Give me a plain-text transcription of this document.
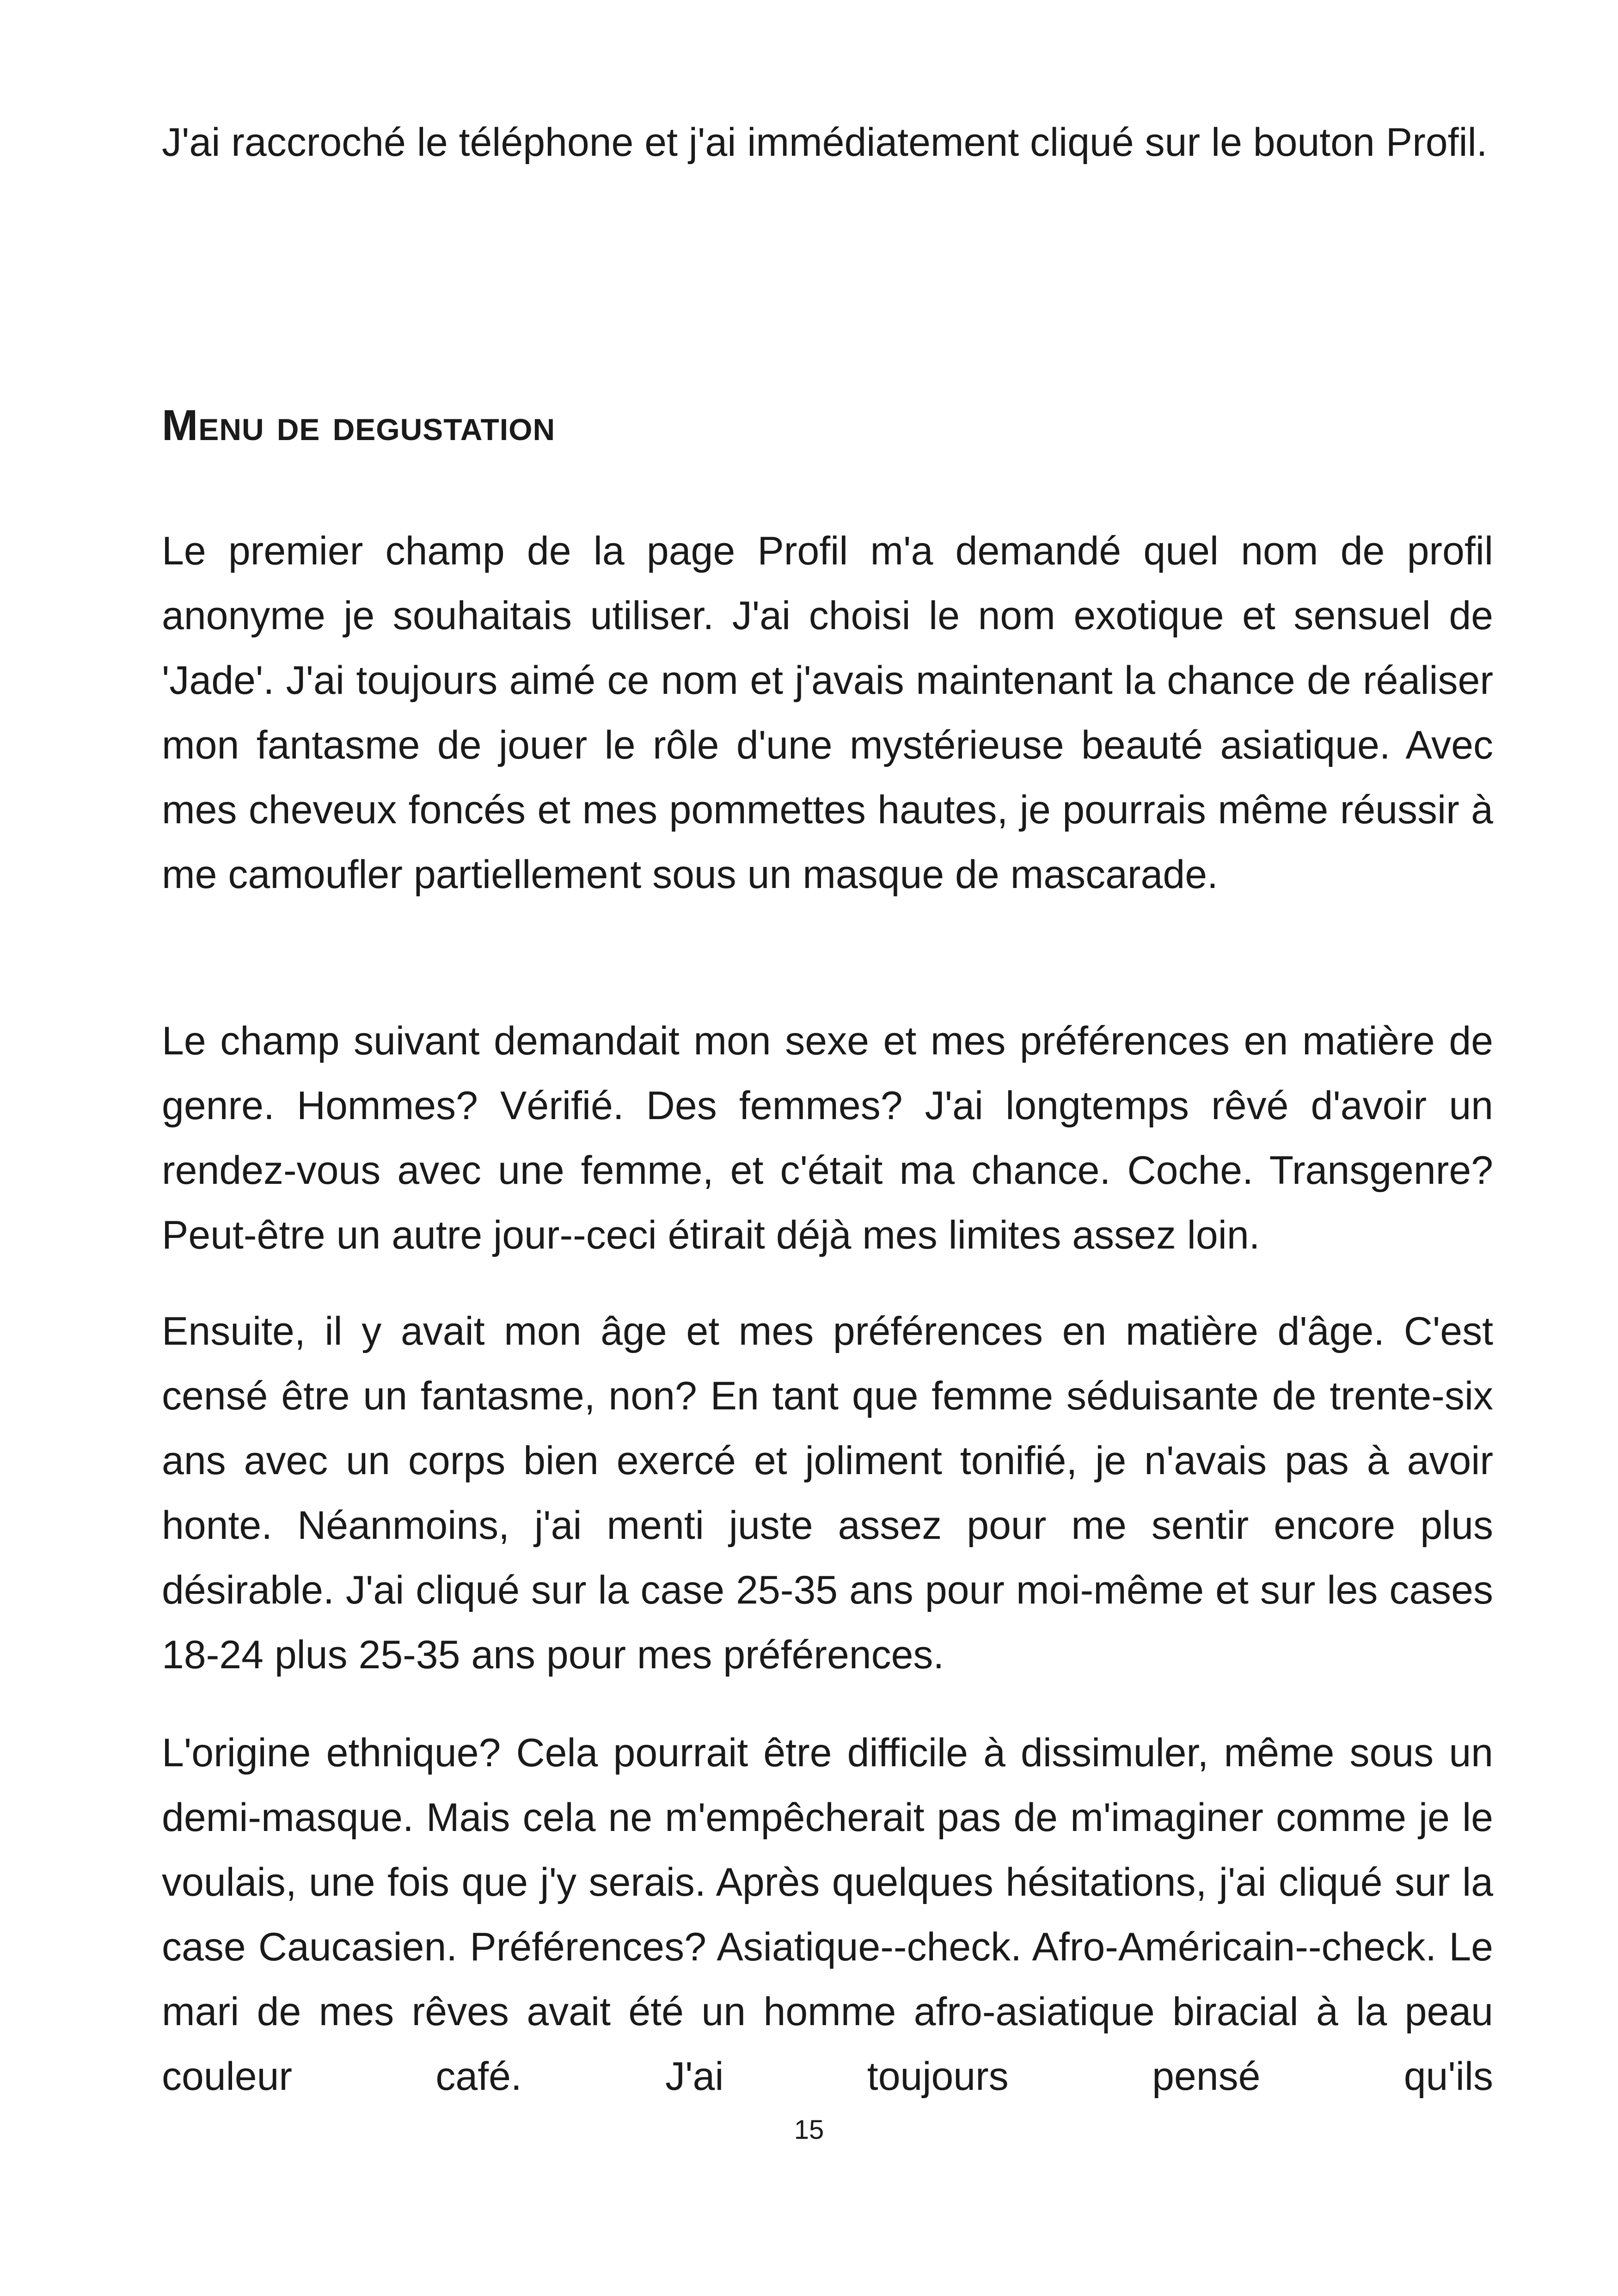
J'ai raccroché le téléphone et j'ai immédiatement cliqué sur le bouton Profil.

Menu de degustation

Le premier champ de la page Profil m'a demandé quel nom de profil anonyme je souhaitais utiliser. J'ai choisi le nom exotique et sensuel de 'Jade'. J'ai toujours aimé ce nom et j'avais maintenant la chance de réaliser mon fantasme de jouer le rôle d'une mystérieuse beauté asiatique. Avec mes cheveux foncés et mes pommettes hautes, je pourrais même réussir à me camoufler partiellement sous un masque de mascarade.

Le champ suivant demandait mon sexe et mes préférences en matière de genre. Hommes? Vérifié. Des femmes? J'ai longtemps rêvé d'avoir un rendez-vous avec une femme, et c'était ma chance. Coche. Transgenre? Peut-être un autre jour--ceci étirait déjà mes limites assez loin.

Ensuite, il y avait mon âge et mes préférences en matière d'âge. C'est censé être un fantasme, non? En tant que femme séduisante de trente-six ans avec un corps bien exercé et joliment tonifié, je n'avais pas à avoir honte. Néanmoins, j'ai menti juste assez pour me sentir encore plus désirable. J'ai cliqué sur la case 25-35 ans pour moi-même et sur les cases 18-24 plus 25-35 ans pour mes préférences.

L'origine ethnique? Cela pourrait être difficile à dissimuler, même sous un demi-masque. Mais cela ne m'empêcherait pas de m'imaginer comme je le voulais, une fois que j'y serais. Après quelques hésitations, j'ai cliqué sur la case Caucasien. Préférences? Asiatique--check. Afro-Américain--check. Le mari de mes rêves avait été un homme afro-asiatique biracial à la peau couleur café. J'ai toujours pensé qu'ils

15
